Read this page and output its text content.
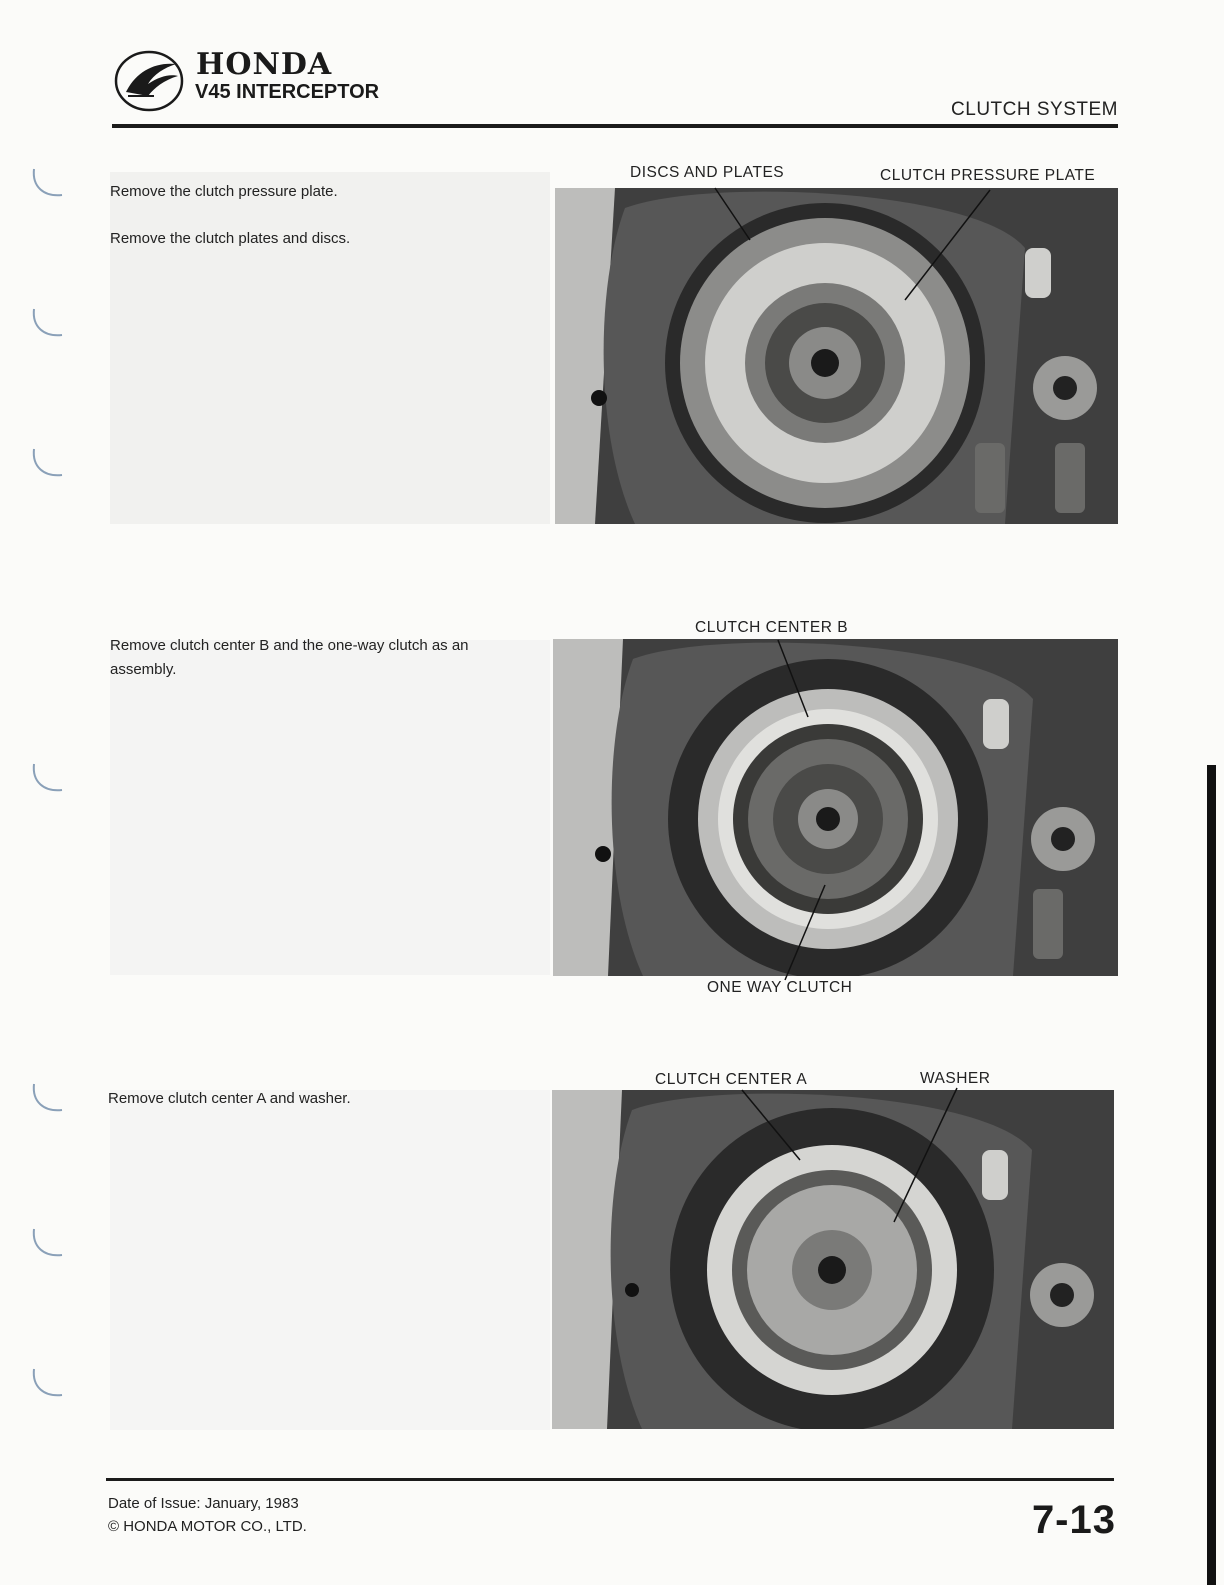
HONDA
V45 INTERCEPTOR
CLUTCH SYSTEM
Remove the clutch pressure plate.
Remove the clutch plates and discs.
DISCS AND PLATES	CLUTCH PRESSURE PLATE
Remove clutch center B and the one-way clutch as an assembly.
CLUTCH CENTER B
ONE WAY CLUTCH
Remove clutch center A and washer.
CLUTCH CENTER A	WASHER
Date of Issue: January, 1983
© HONDA MOTOR CO., LTD.	7-13
